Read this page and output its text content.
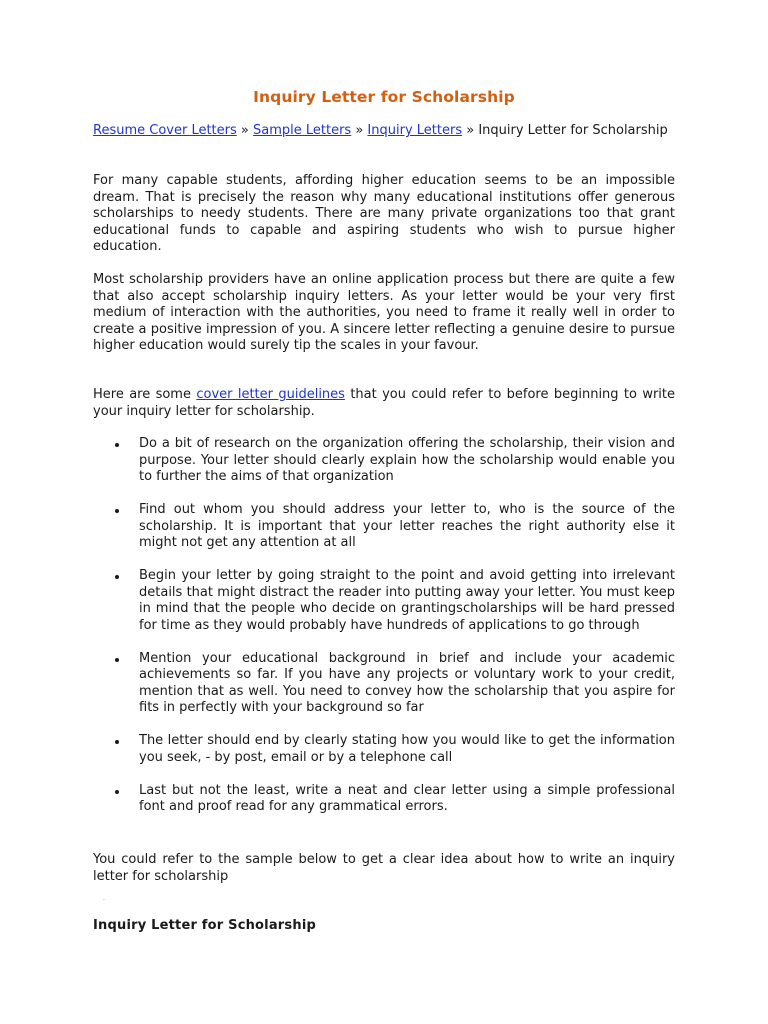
Inquiry Letter for Scholarship
Resume Cover Letters » Sample Letters » Inquiry Letters » Inquiry Letter for Scholarship

For many capable students, affording higher education seems to be an impossible dream. That is precisely the reason why many educational institutions offer generous scholarships to needy students. There are many private organizations too that grant educational funds to capable and aspiring students who wish to pursue higher education.

Most scholarship providers have an online application process but there are quite a few that also accept scholarship inquiry letters. As your letter would be your very first medium of interaction with the authorities, you need to frame it really well in order to create a positive impression of you. A sincere letter reflecting a genuine desire to pursue higher education would surely tip the scales in your favour.

Here are some cover letter guidelines that you could refer to before beginning to write your inquiry letter for scholarship.

Do a bit of research on the organization offering the scholarship, their vision and purpose. Your letter should clearly explain how the scholarship would enable you to further the aims of that organization
Find out whom you should address your letter to, who is the source of the scholarship. It is important that your letter reaches the right authority else it might not get any attention at all
Begin your letter by going straight to the point and avoid getting into irrelevant details that might distract the reader into putting away your letter. You must keep in mind that the people who decide on grantingscholarships will be hard pressed for time as they would probably have hundreds of applications to go through
Mention your educational background in brief and include your academic achievements so far. If you have any projects or voluntary work to your credit, mention that as well. You need to convey how the scholarship that you aspire for fits in perfectly with your background so far
The letter should end by clearly stating how you would like to get the information you seek, - by post, email or by a telephone call
Last but not the least, write a neat and clear letter using a simple professional font and proof read for any grammatical errors.

You could refer to the sample below to get a clear idea about how to write an inquiry letter for scholarship

·
Inquiry Letter for Scholarship
